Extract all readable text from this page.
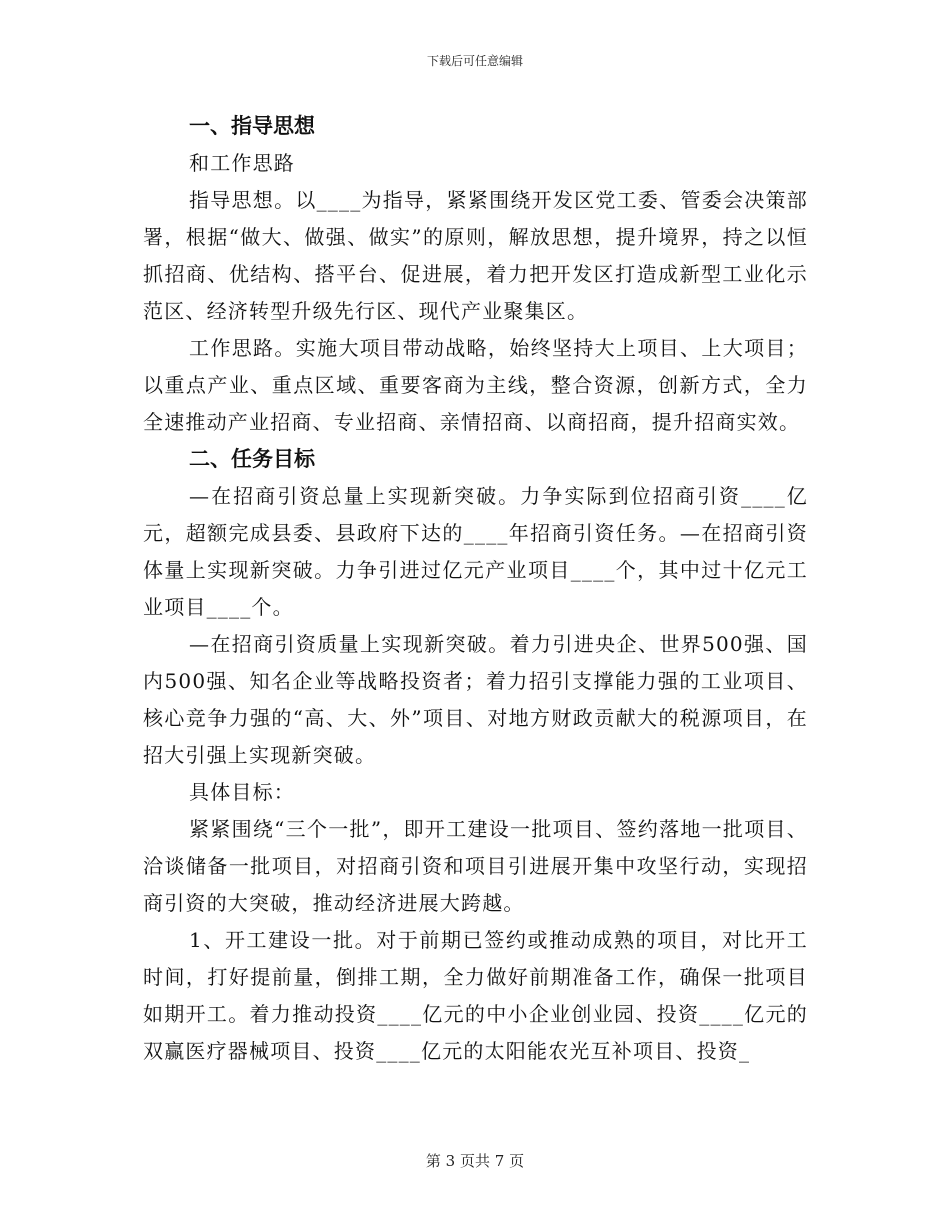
下载后可任意编辑
一、指导思想

和工作思路

指导思想。以____为指导，紧紧围绕开发区党工委、管委会决策部署，根据“做大、做强、做实”的原则，解放思想，提升境界，持之以恒抓招商、优结构、搭平台、促进展，着力把开发区打造成新型工业化示范区、经济转型升级先行区、现代产业聚集区。

工作思路。实施大项目带动战略，始终坚持大上项目、上大项目；以重点产业、重点区域、重要客商为主线，整合资源，创新方式，全力全速推动产业招商、专业招商、亲情招商、以商招商，提升招商实效。

二、任务目标

—在招商引资总量上实现新突破。力争实际到位招商引资____亿元，超额完成县委、县政府下达的____年招商引资任务。—在招商引资体量上实现新突破。力争引进过亿元产业项目____个，其中过十亿元工业项目____个。

—在招商引资质量上实现新突破。着力引进央企、世界500强、国内500强、知名企业等战略投资者；着力招引支撑能力强的工业项目、核心竞争力强的“高、大、外”项目、对地方财政贡献大的税源项目，在招大引强上实现新突破。

具体目标：

紧紧围绕“三个一批”，即开工建设一批项目、签约落地一批项目、洽谈储备一批项目，对招商引资和项目引进展开集中攻坚行动，实现招商引资的大突破，推动经济进展大跨越。

1、开工建设一批。对于前期已签约或推动成熟的项目，对比开工时间，打好提前量，倒排工期，全力做好前期准备工作，确保一批项目如期开工。着力推动投资____亿元的中小企业创业园、投资____亿元的双赢医疗器械项目、投资____亿元的太阳能农光互补项目、投资_

第 3 页共 7 页
